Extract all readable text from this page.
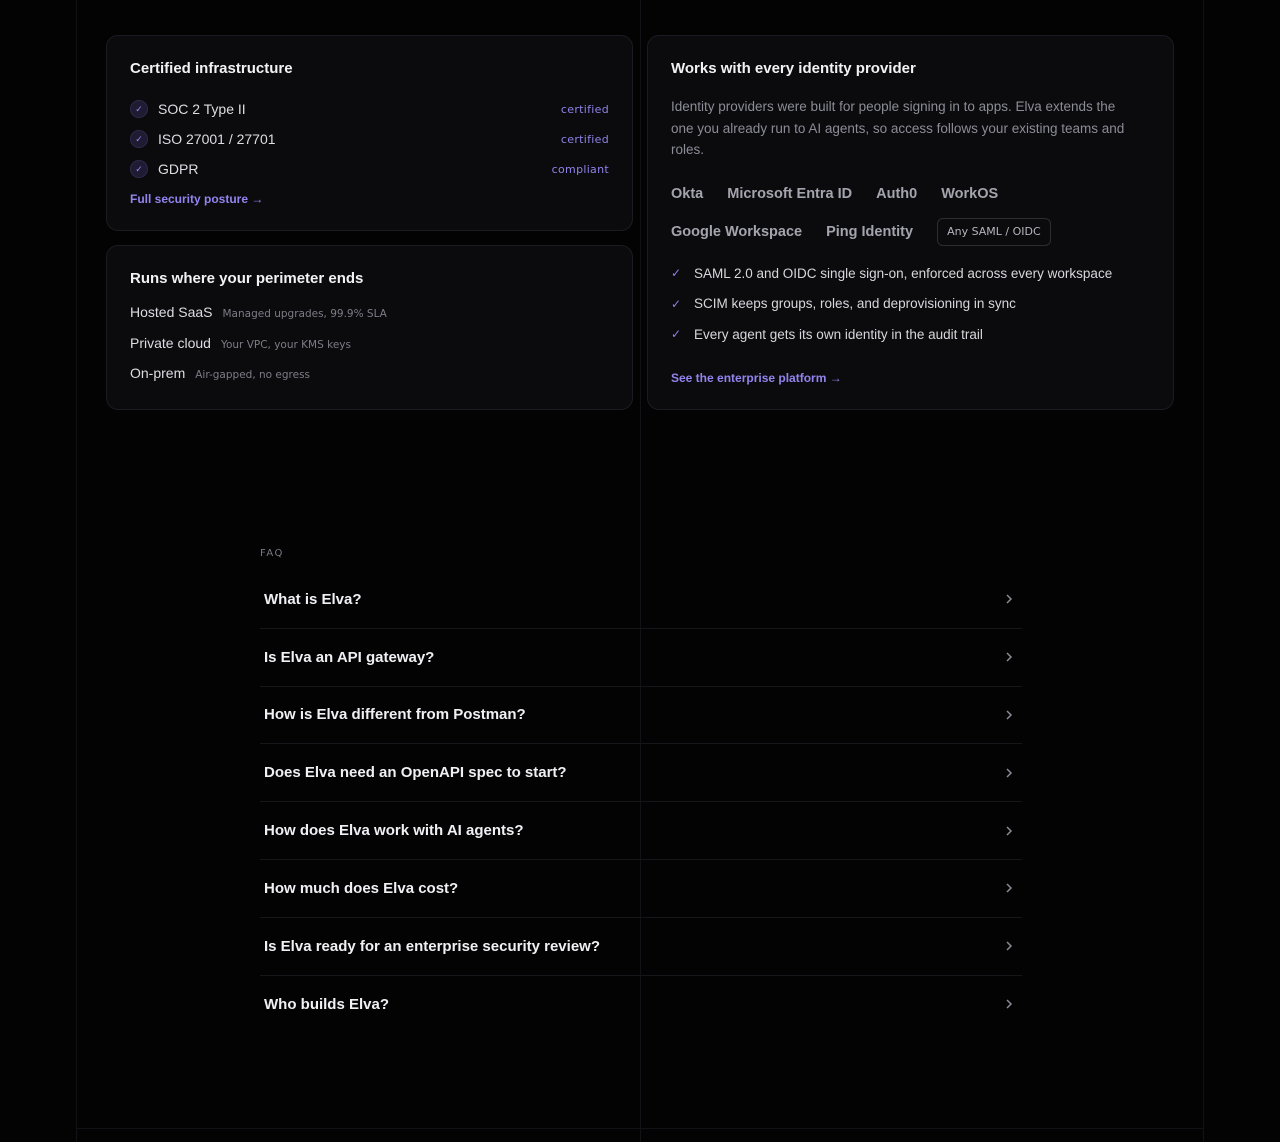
Certified infrastructure
✓	SOC 2 Type II	certified
✓	ISO 27001 / 27701	certified
✓	GDPR	compliant
Full security posture →
Runs where your perimeter ends
Hosted SaaS Managed upgrades, 99.9% SLA
Private cloud Your VPC, your KMS keys
On-prem Air-gapped, no egress
Works with every identity provider
Identity providers were built for people signing in to apps. Elva extends the one you already run to AI agents, so access follows your existing teams and roles.
Okta Microsoft Entra ID Auth0 WorkOS
Google Workspace Ping Identity	Any SAML / OIDC
✓ SAML 2.0 and OIDC single sign-on, enforced across every workspace
✓ SCIM keeps groups, roles, and deprovisioning in sync
✓ Every agent gets its own identity in the audit trail
See the enterprise platform →
FAQ
What is Elva?
Is Elva an API gateway?
How is Elva different from Postman?
Does Elva need an OpenAPI spec to start?
How does Elva work with AI agents?
How much does Elva cost?
Is Elva ready for an enterprise security review?
Who builds Elva?
